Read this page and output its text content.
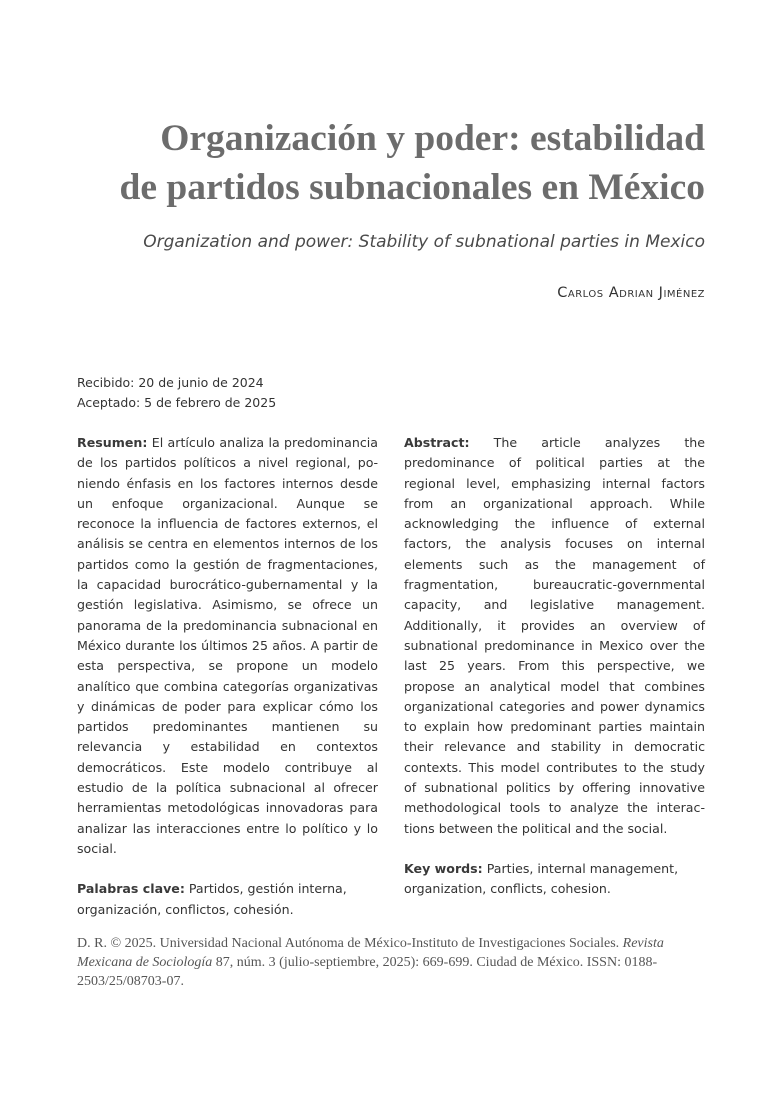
Organización y poder: estabilidad
de partidos subnacionales en México
Organization and power: Stability of subnational parties in Mexico
Carlos Adrian Jiménez
Recibido: 20 de junio de 2024
Aceptado: 5 de febrero de 2025

Resumen: El artículo analiza la predominancia de los partidos políticos a nivel regional, poniendo énfasis en los factores internos desde un enfoque organizacional. Aunque se reconoce la influencia de factores externos, el análisis se centra en elementos internos de los partidos como la gestión de fragmentaciones, la capacidad burocrático-gubernamental y la gestión legislativa. Asimismo, se ofrece un panorama de la predominancia subnacional en México durante los últimos 25 años. A partir de esta perspectiva, se propone un modelo analítico que combina categorías organizativas y dinámicas de poder para explicar cómo los partidos predominantes mantienen su relevancia y estabilidad en contextos democráticos. Este modelo contribuye al estudio de la política subnacional al ofrecer herramientas metodológicas innovadoras para analizar las interacciones entre lo político y lo social.

Palabras clave: Partidos, gestión interna, organización, conflictos, cohesión.

Abstract: The article analyzes the predominance of political parties at the regional level, emphasizing internal factors from an organizational approach. While acknowledging the influence of external factors, the analysis focuses on internal elements such as the management of fragmentation, bureaucratic-governmental capacity, and legislative management. Additionally, it provides an overview of subnational predominance in Mexico over the last 25 years. From this perspective, we propose an analytical model that combines organizational categories and power dynamics to explain how predominant parties maintain their relevance and stability in democratic contexts. This model contributes to the study of subnational politics by offering innovative methodological tools to analyze the interactions between the political and the social.

Key words: Parties, internal management, organization, conflicts, cohesion.

D. R. © 2025. Universidad Nacional Autónoma de México-Instituto de Investigaciones Sociales. Revista Mexicana de Sociología 87, núm. 3 (julio-septiembre, 2025): 669-699. Ciudad de México. ISSN: 0188-2503/25/08703-07.
